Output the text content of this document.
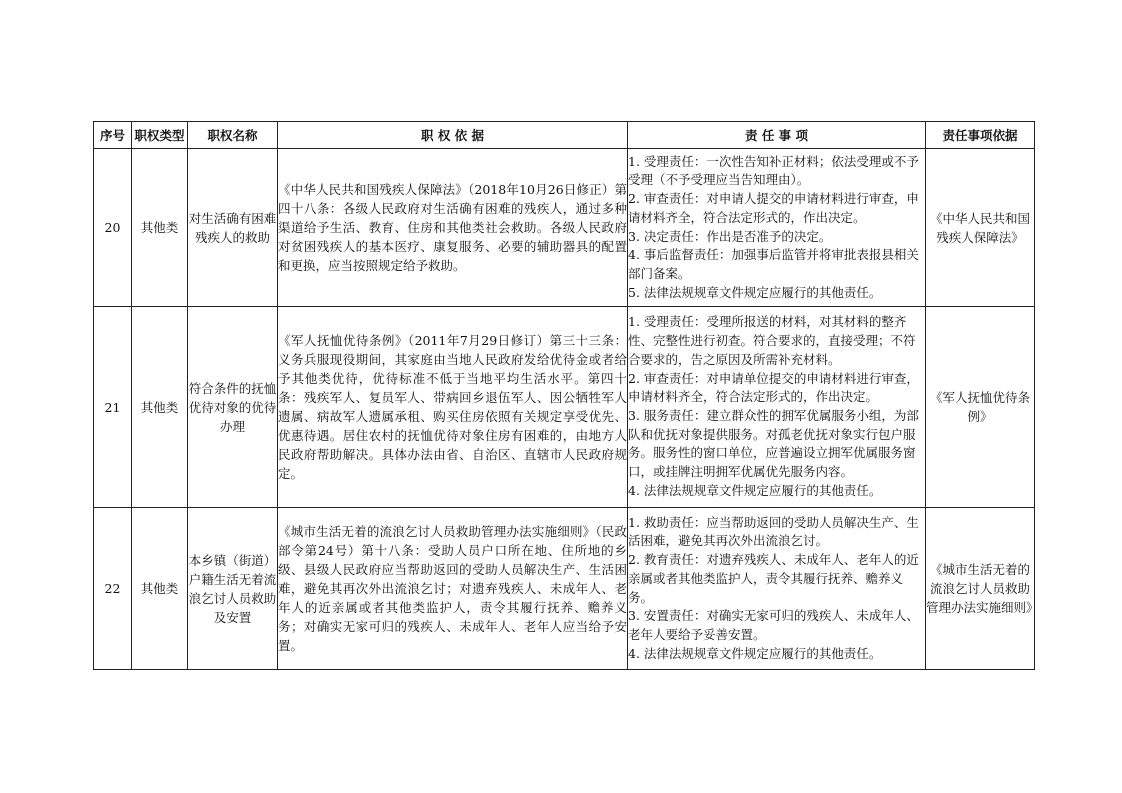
序号	职权类型	职权名称	职 权 依 据	责 任 事 项	责任事项依据
20	其他类	对生活确有困难残疾人的救助	《中华人民共和国残疾人保障法》（2018年10月26日修正）第四十八条：各级人民政府对生活确有困难的残疾人，通过多种渠道给予生活、教育、住房和其他类社会救助。各级人民政府对贫困残疾人的基本医疗、康复服务、必要的辅助器具的配置和更换，应当按照规定给予救助。	1. 受理责任：一次性告知补正材料；依法受理或不予受理（不予受理应当告知理由）。
2. 审查责任：对申请人提交的申请材料进行审查，申请材料齐全，符合法定形式的，作出决定。
3. 决定责任：作出是否准予的决定。
4. 事后监督责任：加强事后监管并将审批表报县相关部门备案。
5. 法律法规规章文件规定应履行的其他责任。	《中华人民共和国残疾人保障法》
21	其他类	符合条件的抚恤优待对象的优待办理	《军人抚恤优待条例》（2011年7月29日修订）第三十三条：义务兵服现役期间，其家庭由当地人民政府发给优待金或者给予其他类优待，优待标准不低于当地平均生活水平。第四十条：残疾军人、复员军人、带病回乡退伍军人、因公牺牲军人遗属、病故军人遗属承租、购买住房依照有关规定享受优先、优惠待遇。居住农村的抚恤优待对象住房有困难的，由地方人民政府帮助解决。具体办法由省、自治区、直辖市人民政府规定。	1. 受理责任：受理所报送的材料，对其材料的整齐性、完整性进行初查。符合要求的，直接受理；不符合要求的，告之原因及所需补充材料。
2. 审查责任：对申请单位提交的申请材料进行审查，申请材料齐全，符合法定形式的，作出决定。
3. 服务责任：建立群众性的拥军优属服务小组，为部队和优抚对象提供服务。对孤老优抚对象实行包户服务。服务性的窗口单位，应普遍设立拥军优属服务窗口，或挂牌注明拥军优属优先服务内容。
4. 法律法规规章文件规定应履行的其他责任。	《军人抚恤优待条例》
22	其他类	本乡镇（街道）户籍生活无着流浪乞讨人员救助及安置	《城市生活无着的流浪乞讨人员救助管理办法实施细则》（民政部令第24号）第十八条：受助人员户口所在地、住所地的乡级、县级人民政府应当帮助返回的受助人员解决生产、生活困难，避免其再次外出流浪乞讨；对遗弃残疾人、未成年人、老年人的近亲属或者其他类监护人，责令其履行抚养、赡养义务；对确实无家可归的残疾人、未成年人、老年人应当给予安置。	1. 救助责任：应当帮助返回的受助人员解决生产、生活困难，避免其再次外出流浪乞讨。
2. 教育责任：对遗弃残疾人、未成年人、老年人的近亲属或者其他类监护人，责令其履行抚养、赡养义务。
3. 安置责任：对确实无家可归的残疾人、未成年人、老年人要给予妥善安置。
4. 法律法规规章文件规定应履行的其他责任。	《城市生活无着的流浪乞讨人员救助管理办法实施细则》
